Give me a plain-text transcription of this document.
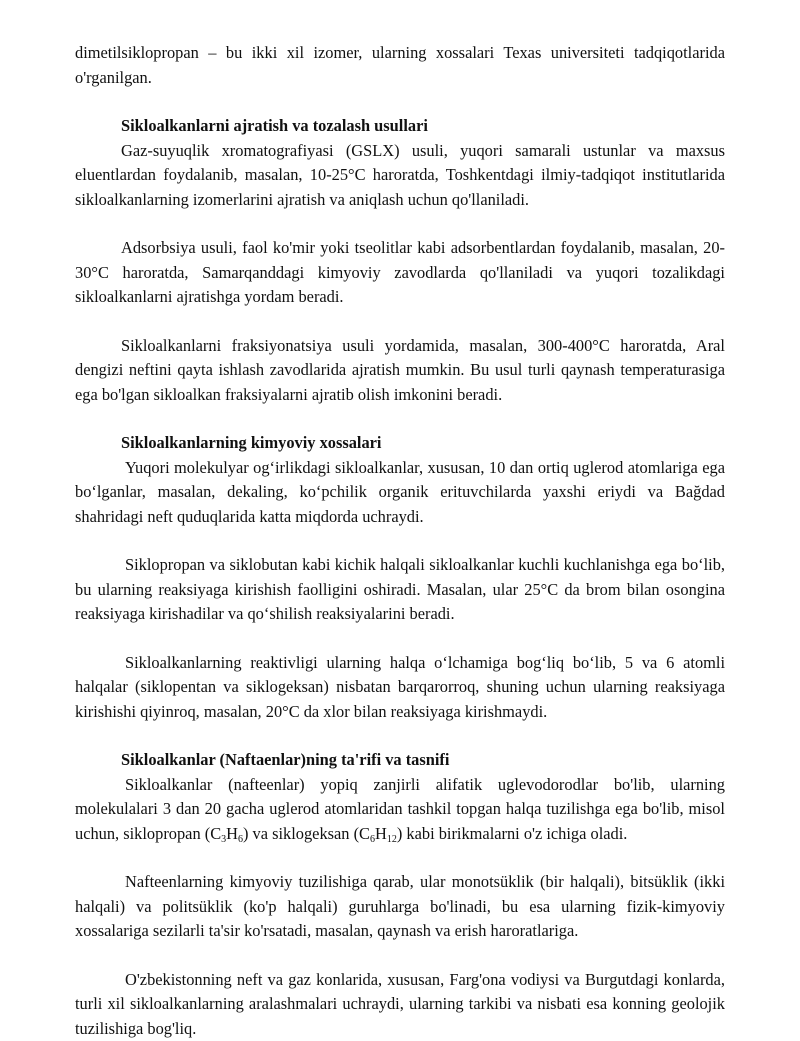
dimetilsiklopropan – bu ikki xil izomer, ularning xossalari Texas universiteti tadqiqotlarida o'rganilgan.

Sikloalkanlarni ajratish va tozalash usullari

Gaz-suyuqlik xromatografiyasi (GSLX) usuli, yuqori samarali ustunlar va maxsus eluentlardan foydalanib, masalan, 10-25°C haroratda, Toshkentdagi ilmiy-tadqiqot institutlarida sikloalkanlarning izomerlarini ajratish va aniqlash uchun qo'llaniladi.

Adsorbsiya usuli, faol ko'mir yoki tseolitlar kabi adsorbentlardan foydalanib, masalan, 20-30°C haroratda, Samarqanddagi kimyoviy zavodlarda qo'llaniladi va yuqori tozalikdagi sikloalkanlarni ajratishga yordam beradi.

Sikloalkanlarni fraksiyonatsiya usuli yordamida, masalan, 300-400°C haroratda, Aral dengizi neftini qayta ishlash zavodlarida ajratish mumkin. Bu usul turli qaynash temperaturasiga ega bo'lgan sikloalkan fraksiyalarni ajratib olish imkonini beradi.

Sikloalkanlarning kimyoviy xossalari

Yuqori molekulyar og‘irlikdagi sikloalkanlar, xususan, 10 dan ortiq uglerod atomlariga ega bo‘lganlar, masalan, dekaling, ko‘pchilik organik erituvchilarda yaxshi eriydi va Bağdad shahridagi neft quduqlarida katta miqdorda uchraydi.

Siklopropan va siklobutan kabi kichik halqali sikloalkanlar kuchli kuchlanishga ega bo‘lib, bu ularning reaksiyaga kirishish faolligini oshiradi. Masalan, ular 25°C da brom bilan osongina reaksiyaga kirishadilar va qo‘shilish reaksiyalarini beradi.

Sikloalkanlarning reaktivligi ularning halqa o‘lchamiga bog‘liq bo‘lib, 5 va 6 atomli halqalar (siklopentan va siklogeksan) nisbatan barqarorroq, shuning uchun ularning reaksiyaga kirishishi qiyinroq, masalan, 20°C da xlor bilan reaksiyaga kirishmaydi.

Sikloalkanlar (Naftaenlar)ning ta'rifi va tasnifi

Sikloalkanlar (nafteenlar) yopiq zanjirli alifatik uglevodorodlar bo'lib, ularning molekulalari 3 dan 20 gacha uglerod atomlaridan tashkil topgan halqa tuzilishga ega bo'lib, misol uchun, siklopropan $(C_3H_6)$ va siklogeksan $(C_6H_{12})$ kabi birikmalarni o'z ichiga oladi.

Nafteenlarning kimyoviy tuzilishiga qarab, ular monotsüklik (bir halqali), bitsüklik (ikki halqali) va politsüklik (ko'p halqali) guruhlarga bo'linadi, bu esa ularning fizik-kimyoviy xossalariga sezilarli ta'sir ko'rsatadi, masalan, qaynash va erish haroratlariga.

O'zbekistonning neft va gaz konlarida, xususan, Farg'ona vodiysi va Burgutdagi konlarda, turli xil sikloalkanlarning aralashmalari uchraydi, ularning tarkibi va nisbati esa konning geolojik tuzilishiga bog'liq.
